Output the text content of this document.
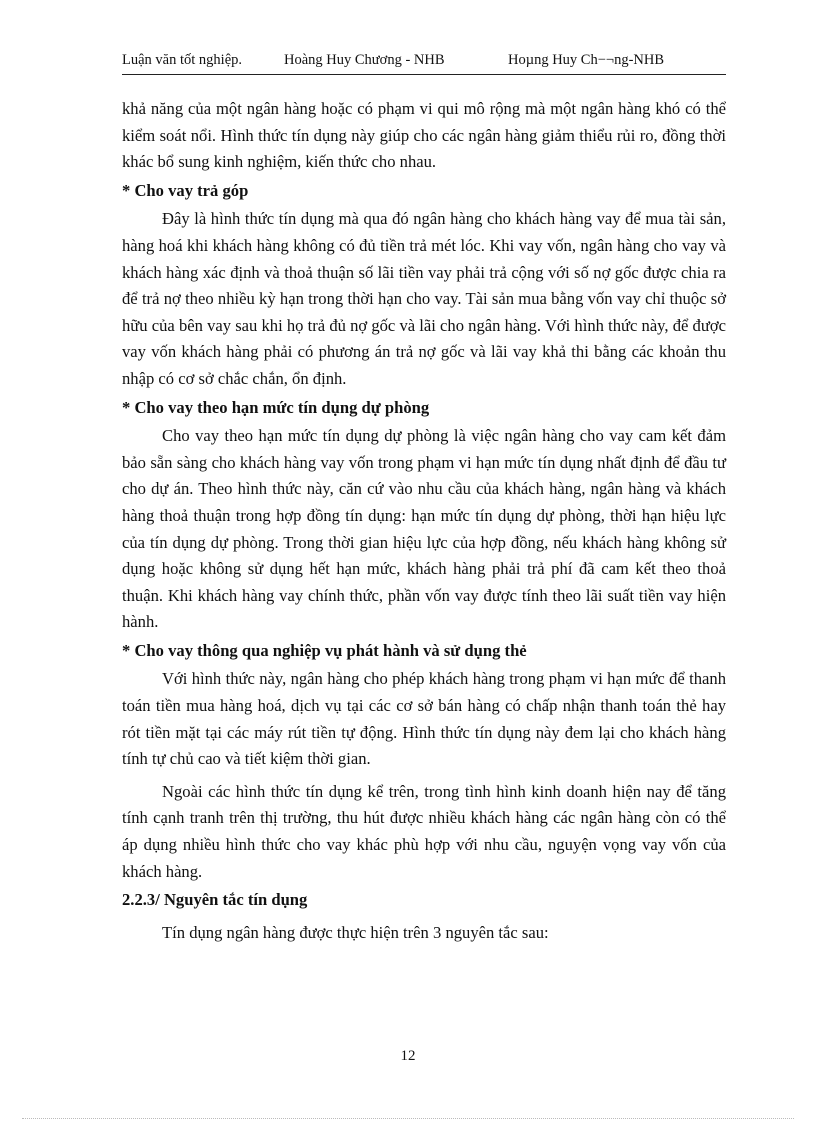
Luận văn tốt nghiệp.	Hoàng Huy Chương - NHB	Hoµng Huy Ch−¬ng-NHB

khả năng của một ngân hàng hoặc có phạm vi qui mô rộng mà một ngân hàng khó có thể kiểm soát nổi. Hình thức tín dụng này giúp cho các ngân hàng giảm thiểu rủi ro, đồng thời khác bổ sung kinh nghiệm, kiến thức cho nhau.

* Cho vay trả góp

Đây là hình thức tín dụng mà qua đó ngân hàng cho khách hàng vay để mua tài sản, hàng hoá khi khách hàng không có đủ tiền trả mét lóc. Khi vay vốn, ngân hàng cho vay và khách hàng xác định và thoả thuận số lãi tiền vay phải trả cộng với số nợ gốc được chia ra để trả nợ theo nhiều kỳ hạn trong thời hạn cho vay. Tài sản mua bằng vốn vay chỉ thuộc sở hữu của bên vay sau khi họ trả đủ nợ gốc và lãi cho ngân hàng. Với hình thức này, để được vay vốn khách hàng phải có phương án trả nợ gốc và lãi vay khả thi bằng các khoản thu nhập có cơ sở chắc chắn, ổn định.

* Cho vay theo hạn mức tín dụng dự phòng

Cho vay theo hạn mức tín dụng dự phòng là việc ngân hàng cho vay cam kết đảm bảo sẵn sàng cho khách hàng vay vốn trong phạm vi hạn mức tín dụng nhất định để đầu tư cho dự án. Theo hình thức này, căn cứ vào nhu cầu của khách hàng, ngân hàng và khách hàng thoả thuận trong hợp đồng tín dụng: hạn mức tín dụng dự phòng, thời hạn hiệu lực của tín dụng dự phòng. Trong thời gian hiệu lực của hợp đồng, nếu khách hàng không sử dụng hoặc không sử dụng hết hạn mức, khách hàng phải trả phí đã cam kết theo thoả thuận. Khi khách hàng vay chính thức, phần vốn vay được tính theo lãi suất tiền vay hiện hành.

* Cho vay thông qua nghiệp vụ phát hành và sử dụng thẻ

Với hình thức này, ngân hàng cho phép khách hàng trong phạm vi hạn mức để thanh toán tiền mua hàng hoá, dịch vụ tại các cơ sở bán hàng có chấp nhận thanh toán thẻ hay rót tiền mặt tại các máy rút tiền tự động. Hình thức tín dụng này đem lại cho khách hàng tính tự chủ cao và tiết kiệm thời gian.

Ngoài các hình thức tín dụng kể trên, trong tình hình kinh doanh hiện nay để tăng tính cạnh tranh trên thị trường, thu hút được nhiều khách hàng các ngân hàng còn có thể áp dụng nhiều hình thức cho vay khác phù hợp với nhu cầu, nguyện vọng vay vốn của khách hàng.

2.2.3/ Nguyên tắc tín dụng

Tín dụng ngân hàng được thực hiện trên 3 nguyên tắc sau:

12
